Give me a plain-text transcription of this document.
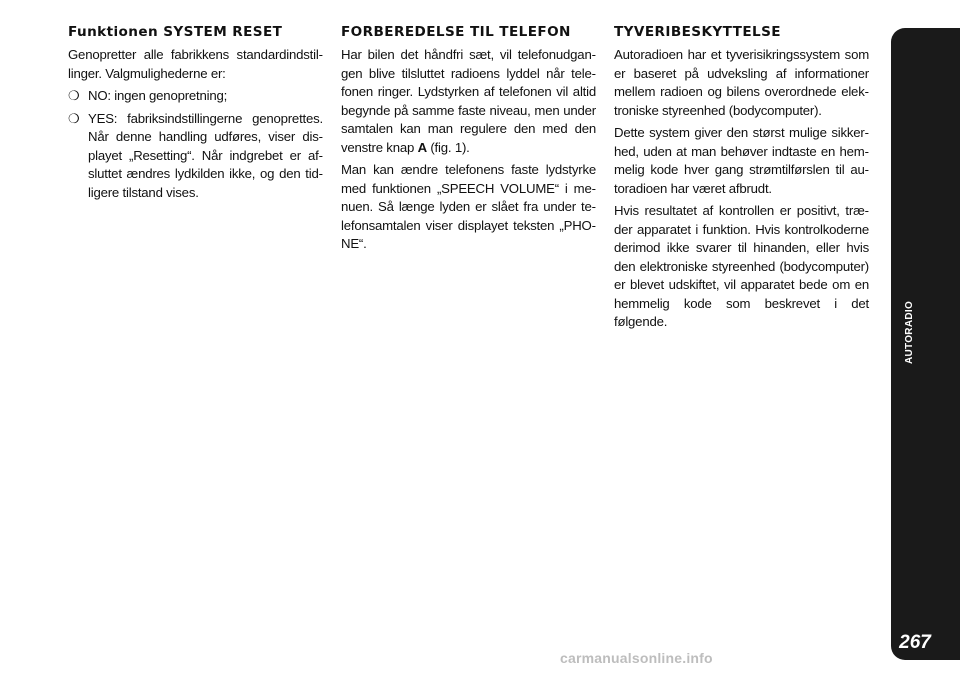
Funktionen SYSTEM RESET

Genopretter alle fabrikkens standardindstillinger. Valgmulighederne er:

❍ NO: ingen genopretning;

❍ YES: fabriksindstillingerne genoprettes. Når denne handling udføres, viser displayet „Resetting“. Når indgrebet er afsluttet ændres lydkilden ikke, og den tidligere tilstand vises.

FORBEREDELSE TIL TELEFON

Har bilen det håndfri sæt, vil telefonudgangen blive tilsluttet radioens lyddel når telefonen ringer. Lydstyrken af telefonen vil altid begynde på samme faste niveau, men under samtalen kan man regulere den med den venstre knap A (fig. 1).

Man kan ændre telefonens faste lydstyrke med funktionen „SPEECH VOLUME“ i menuen. Så længe lyden er slået fra under telefonsamtalen viser displayet teksten „PHONE“.

TYVERIBESKYTTELSE

Autoradioen har et tyverisikringssystem som er baseret på udveksling af informationer mellem radioen og bilens overordnede elektroniske styreenhed (bodycomputer).

Dette system giver den størst mulige sikkerhed, uden at man behøver indtaste en hemmelig kode hver gang strømtilførslen til autoradioen har været afbrudt.

Hvis resultatet af kontrollen er positivt, træder apparatet i funktion. Hvis kontrolkoderne derimod ikke svarer til hinanden, eller hvis den elektroniske styreenhed (bodycomputer) er blevet udskiftet, vil apparatet bede om en hemmelig kode som beskrevet i det følgende.	AUTORADIO
267
carmanualsonline.info
